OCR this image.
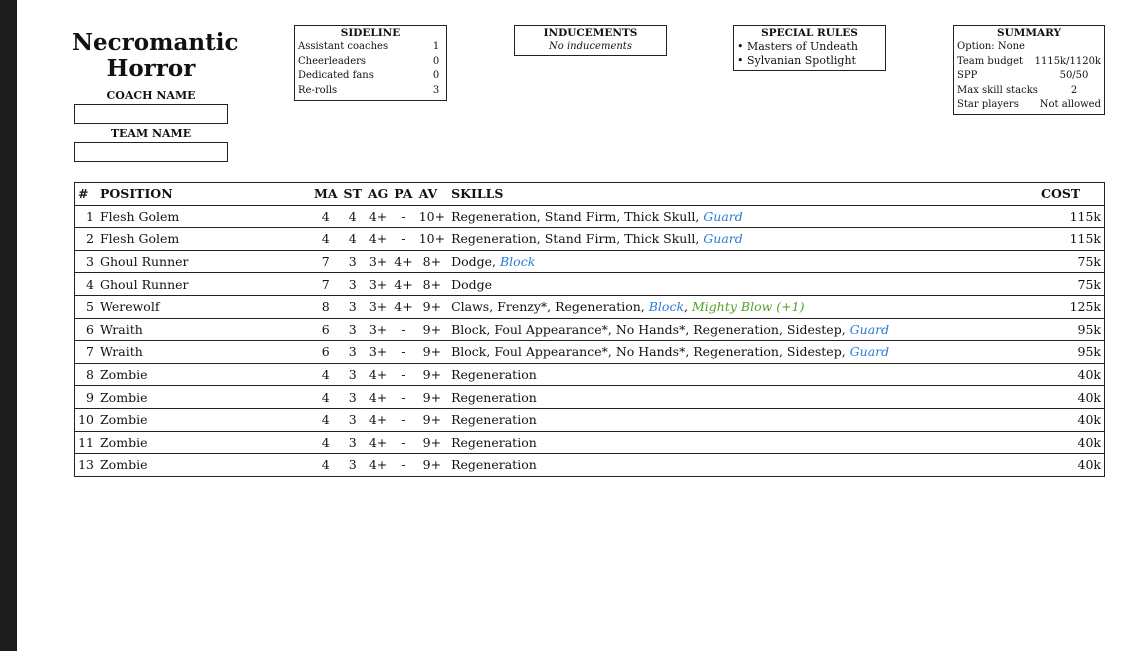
Necromantic Horror
COACH NAME
TEAM NAME
SIDELINE
Assistant coaches	1
Cheerleaders	0
Dedicated fans	0
Re-rolls	3
INDUCEMENTS
No inducements
SPECIAL RULES
• Masters of Undeath
• Sylvanian Spotlight
SUMMARY
Option: None
Team budget 1115k/1120k
SPP	50/50
Max skill stacks	2
Star players Not allowed
#	POSITION	MA	ST	AG	PA	AV	SKILLS	COST
1	Flesh Golem	4	4	4+	-	10+	Regeneration, Stand Firm, Thick Skull, Guard	115k
2	Flesh Golem	4	4	4+	-	10+	Regeneration, Stand Firm, Thick Skull, Guard	115k
3	Ghoul Runner	7	3	3+	4+	8+	Dodge, Block	75k
4	Ghoul Runner	7	3	3+	4+	8+	Dodge	75k
5	Werewolf	8	3	3+	4+	9+	Claws, Frenzy*, Regeneration, Block, Mighty Blow (+1)	125k
6	Wraith	6	3	3+	-	9+	Block, Foul Appearance*, No Hands*, Regeneration, Sidestep, Guard	95k
7	Wraith	6	3	3+	-	9+	Block, Foul Appearance*, No Hands*, Regeneration, Sidestep, Guard	95k
8	Zombie	4	3	4+	-	9+	Regeneration	40k
9	Zombie	4	3	4+	-	9+	Regeneration	40k
10	Zombie	4	3	4+	-	9+	Regeneration	40k
11	Zombie	4	3	4+	-	9+	Regeneration	40k
13	Zombie	4	3	4+	-	9+	Regeneration	40k
